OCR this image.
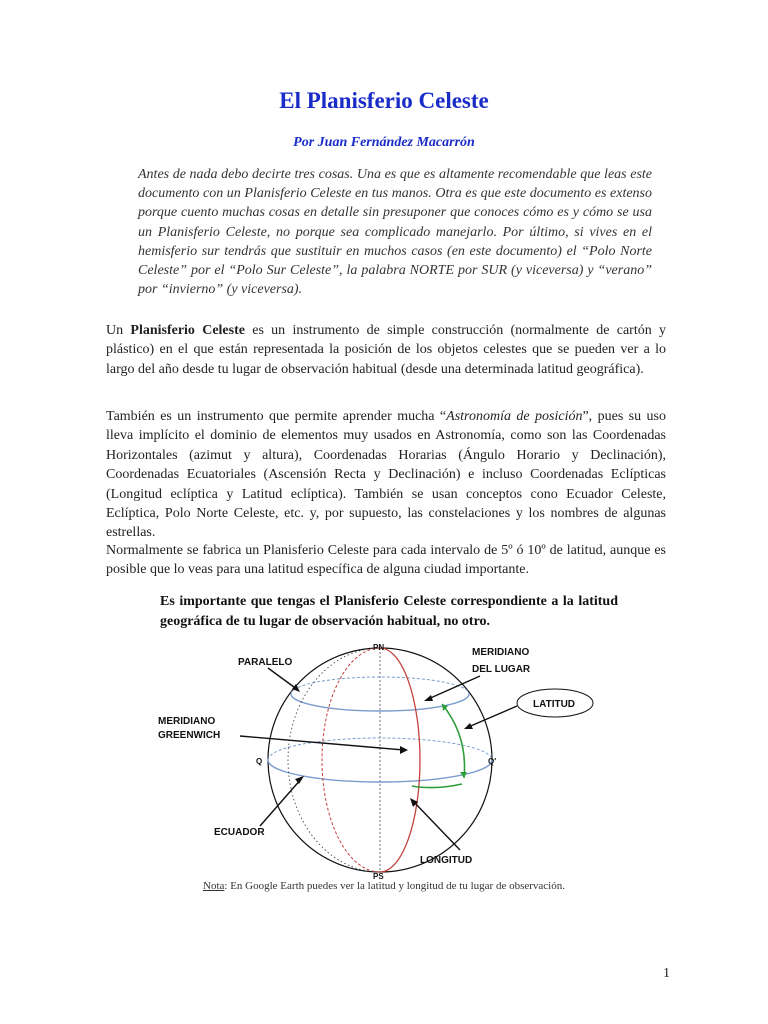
El Planisferio Celeste
Por Juan Fernández Macarrón
Antes de nada debo decirte tres cosas. Una es que es altamente recomendable que leas este documento con un Planisferio Celeste en tus manos. Otra es que este documento es extenso porque cuento muchas cosas en detalle sin presuponer que conoces cómo es y cómo se usa un Planisferio Celeste, no porque sea complicado manejarlo. Por último, si vives en el hemisferio sur tendrás que sustituir en muchos casos (en este documento) el “Polo Norte Celeste” por el “Polo Sur Celeste”, la palabra NORTE por SUR (y viceversa) y “verano” por “invierno” (y viceversa).
Un Planisferio Celeste es un instrumento de simple construcción (normalmente de cartón y plástico) en el que están representada la posición de los objetos celestes que se pueden ver a lo largo del año desde tu lugar de observación habitual (desde una determinada latitud geográfica).
También es un instrumento que permite aprender mucha “Astronomía de posición”, pues su uso lleva implícito el dominio de elementos muy usados en Astronomía, como son las Coordenadas Horizontales (azimut y altura), Coordenadas Horarias (Ángulo Horario y Declinación), Coordenadas Ecuatoriales (Ascensión Recta y Declinación) e incluso Coordenadas Eclípticas (Longitud eclíptica y Latitud eclíptica). También se usan conceptos cono Ecuador Celeste, Eclíptica, Polo Norte Celeste, etc. y, por supuesto, las constelaciones y los nombres de algunas estrellas.
Normalmente se fabrica un Planisferio Celeste para cada intervalo de 5º ó 10º de latitud, aunque es posible que lo veas para una latitud específica de alguna ciudad importante.
Es importante que tengas el Planisferio Celeste correspondiente a la latitud geográfica de tu lugar de observación habitual, no otro.
PN
PS
Q	Q'
PARALELO
MERIDIANO
DEL LUGAR
LATITUD
MERIDIANO
GREENWICH
ECUADOR
LONGITUD
Nota: En Google Earth puedes ver la latitud y longitud de tu lugar de observación.
1
